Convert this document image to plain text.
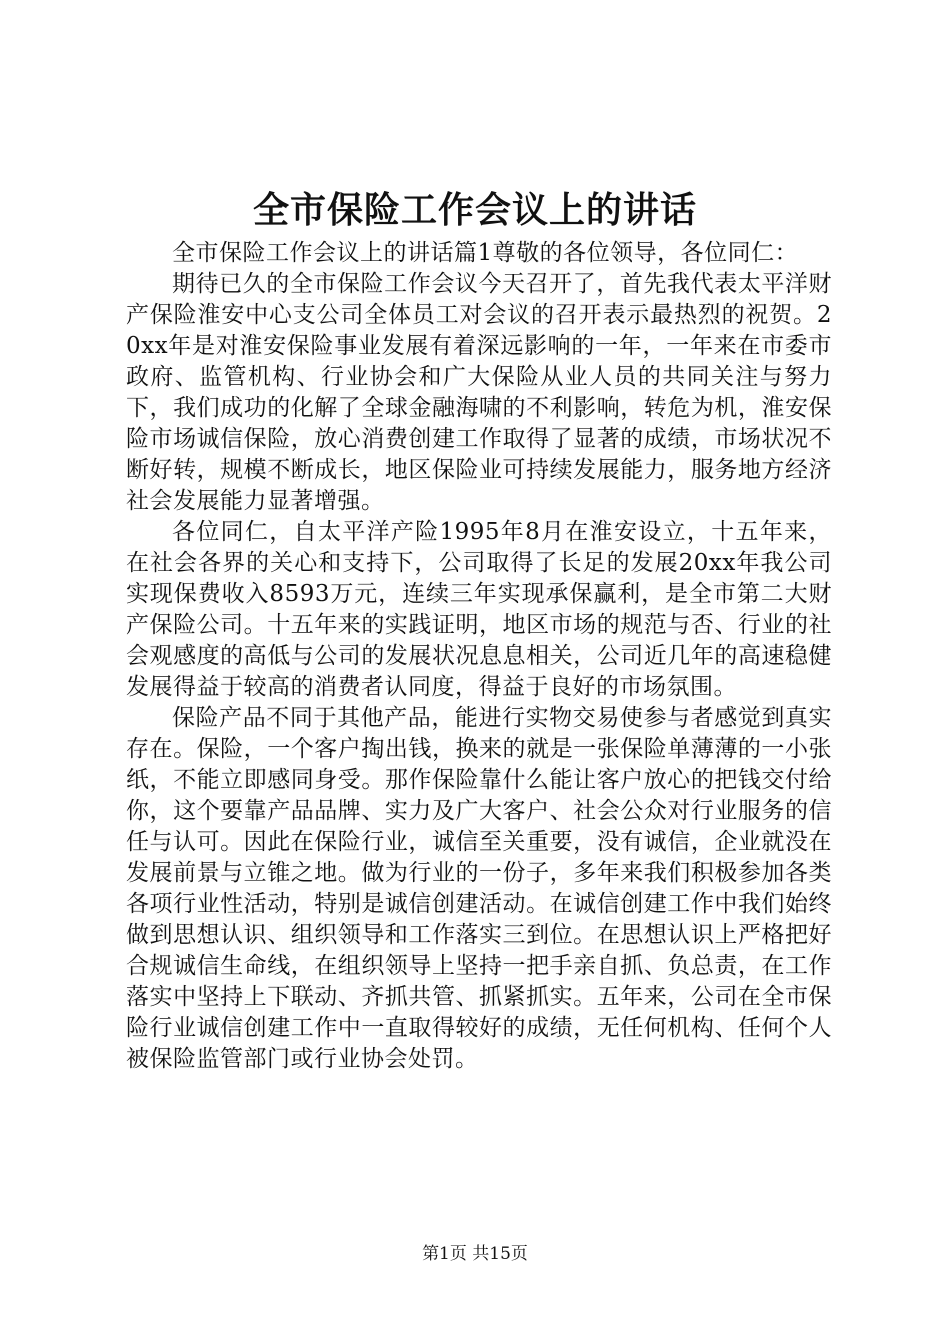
全市保险工作会议上的讲话

全市保险工作会议上的讲话篇1尊敬的各位领导，各位同仁：

期待已久的全市保险工作会议今天召开了，首先我代表太平洋财产保险淮安中心支公司全体员工对会议的召开表示最热烈的祝贺。20xx年是对淮安保险事业发展有着深远影响的一年，一年来在市委市政府、监管机构、行业协会和广大保险从业人员的共同关注与努力下，我们成功的化解了全球金融海啸的不利影响，转危为机，淮安保险市场诚信保险，放心消费创建工作取得了显著的成绩，市场状况不断好转，规模不断成长，地区保险业可持续发展能力，服务地方经济社会发展能力显著增强。

各位同仁，自太平洋产险1995年8月在淮安设立，十五年来，在社会各界的关心和支持下，公司取得了长足的发展20xx年我公司实现保费收入8593万元，连续三年实现承保赢利，是全市第二大财产保险公司。十五年来的实践证明，地区市场的规范与否、行业的社会观感度的高低与公司的发展状况息息相关，公司近几年的高速稳健发展得益于较高的消费者认同度，得益于良好的市场氛围。

保险产品不同于其他产品，能进行实物交易使参与者感觉到真实存在。保险，一个客户掏出钱，换来的就是一张保险单薄薄的一小张纸，不能立即感同身受。那作保险靠什么能让客户放心的把钱交付给你，这个要靠产品品牌、实力及广大客户、社会公众对行业服务的信任与认可。因此在保险行业，诚信至关重要，没有诚信，企业就没在发展前景与立锥之地。做为行业的一份子，多年来我们积极参加各类各项行业性活动，特别是诚信创建活动。在诚信创建工作中我们始终做到思想认识、组织领导和工作落实三到位。在思想认识上严格把好合规诚信生命线，在组织领导上坚持一把手亲自抓、负总责，在工作落实中坚持上下联动、齐抓共管、抓紧抓实。五年来，公司在全市保险行业诚信创建工作中一直取得较好的成绩，无任何机构、任何个人被保险监管部门或行业协会处罚。

第1页 共15页
